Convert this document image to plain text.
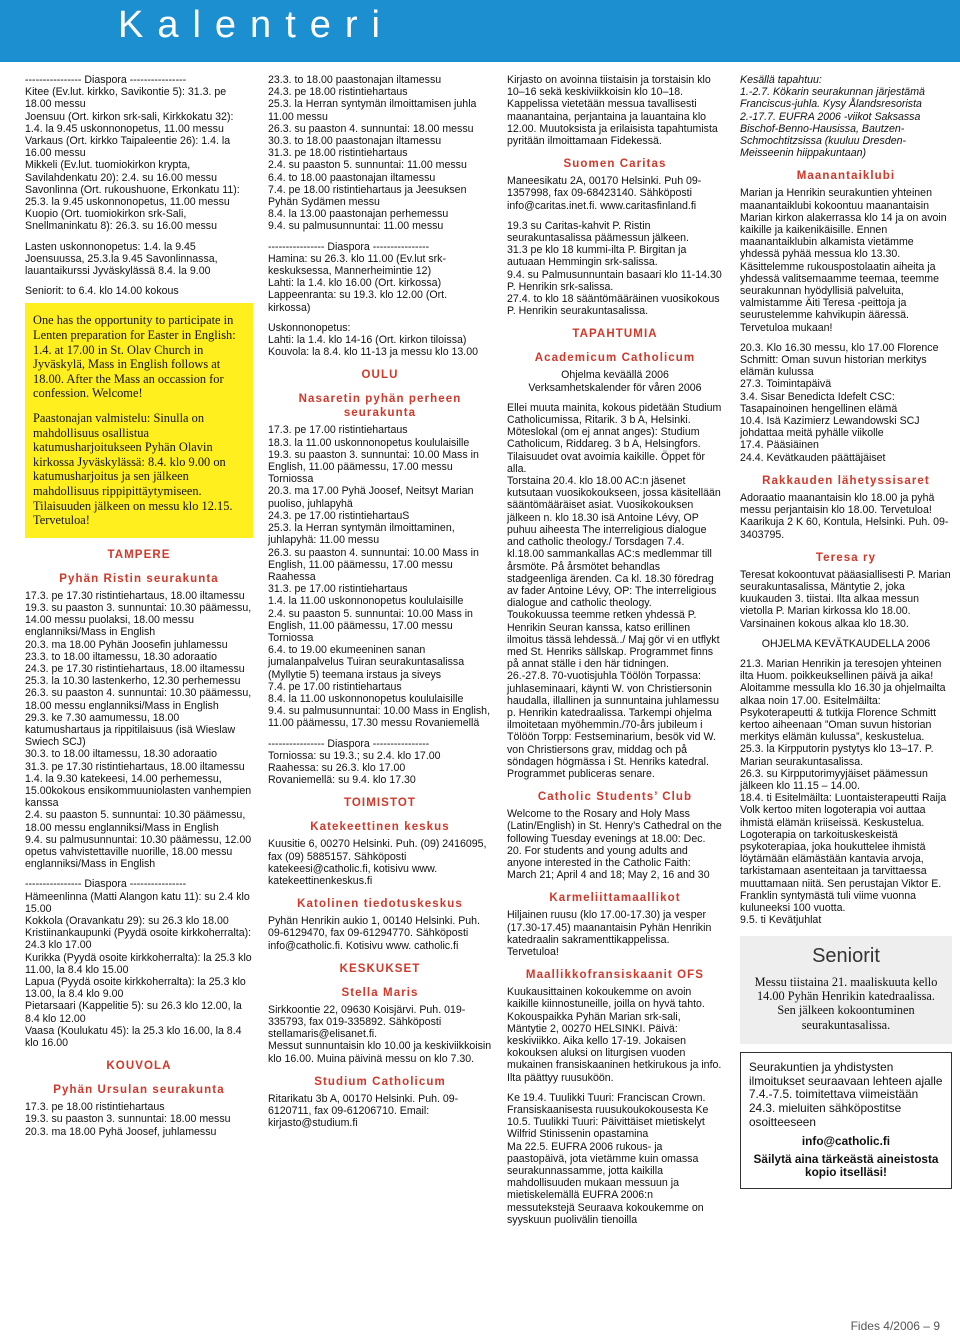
Kalenteri

---------------- Diaspora ----------------
Kitee (Ev.lut. kirkko, Savikontie 5): 31.3. pe 18.00 messu
Joensuu (Ort. kirkon srk-sali, Kirkkokatu 32): 1.4. la 9.45 uskonnonopetus, 11.00 messu
Varkaus (Ort. kirkko Taipaleentie 26): 1.4. la 16.00 messu
Mikkeli (Ev.lut. tuomiokirkon krypta, Savilahdenkatu 20): 2.4. su 16.00 messu
Savonlinna (Ort. rukoushuone, Erkonkatu 11): 25.3. la 9.45 uskonnonopetus, 11.00 messu
Kuopio (Ort. tuomiokirkon srk-Sali, Snellmaninkatu 8): 26.3. su 16.00 messu

Lasten uskonnonopetus: 1.4. la 9.45 Joensuussa, 25.3.la 9.45 Savonlinnassa, lauantaikurssi Jyväskylässä 8.4. la 9.00

Seniorit: to 6.4. klo 14.00 kokous

One has the opportunity to participate in Lenten preparation for Easter in English: 1.4. at 17.00 in St. Olav Church in Jyväskylä, Mass in English follows at 18.00. After the Mass an occassion for confession. Welcome!

Paastonajan valmistelu: Sinulla on mahdollisuus osallistua katumusharjoitukseen Pyhän Olavin kirkossa Jyväskylässä: 8.4. klo 9.00 on katumusharjoitus ja sen jälkeen mahdollisuus rippipittäytymiseen. Tilaisuuden jälkeen on messu klo 12.15. Tervetuloa!

TAMPERE
Pyhän Ristin seurakunta

17.3. pe 17.30 ristintiehartaus, 18.00 iltamessu
19.3. su paaston 3. sunnuntai: 10.30 päämessu, 14.00 messu puolaksi, 18.00 messu englanniksi/Mass in English
20.3. ma 18.00 Pyhän Joosefin juhlamessu
23.3. to 18.00 iltamessu, 18.30 adoraatio
24.3. pe 17.30 ristintiehartaus, 18.00 iltamessu
25.3. la 10.30 lastenkerho, 12.30 perhemessu
26.3. su paaston 4. sunnuntai: 10.30 päämessu, 18.00 messu englanniksi/Mass in English
29.3. ke 7.30 aamumessu, 18.00 katumushartaus ja rippitilaisuus (isä Wieslaw Swiech SCJ)
30.3. to 18.00 iltamessu, 18.30 adoraatio
31.3. pe 17.30 ristintiehartaus, 18.00 iltamessu
1.4. la 9.30 katekeesi, 14.00 perhemessu, 15.00kokous ensikommuuniolasten vanhempien kanssa
2.4. su paaston 5. sunnuntai: 10.30 päämessu, 18.00 messu englanniksi/Mass in English
9.4. su palmusunnuntai: 10.30 päämessu, 12.00 opetus vahvistettaville nuorille, 18.00 messu englanniksi/Mass in English

---------------- Diaspora ----------------
Hämeenlinna (Matti Alangon katu 11): su 2.4 klo 15.00
Kokkola (Oravankatu 29): su 26.3 klo 18.00
Kristiinankaupunki (Pyydä osoite kirkkoherralta): 24.3 klo 17.00
Kurikka (Pyydä osoite kirkkoherralta): la 25.3 klo 11.00, la 8.4 klo 15.00
Lapua (Pyydä osoite kirkkoherralta): la 25.3 klo 13.00, la 8.4 klo 9.00
Pietarsaari (Kappelitie 5): su 26.3 klo 12.00, la 8.4 klo 12.00
Vaasa (Koulukatu 45): la 25.3 klo 16.00, la 8.4 klo 16.00

KOUVOLA
Pyhän Ursulan seurakunta

17.3. pe 18.00 ristintiehartaus
19.3. su paaston 3. sunnuntai: 18.00 messu
20.3. ma 18.00 Pyhä Joosef, juhlamessu

23.3. to 18.00 paastonajan iltamessu
24.3. pe 18.00 ristintiehartaus
25.3. la Herran syntymän ilmoittamisen juhla 11.00 messu
26.3. su paaston 4. sunnuntai: 18.00 messu
30.3. to 18.00 paastonajan iltamessu
31.3. pe 18.00 ristintiehartaus
2.4. su paaston 5. sunnuntai: 11.00 messu
6.4. to 18.00 paastonajan iltamessu
7.4. pe 18.00 ristintiehartaus ja Jeesuksen Pyhän Sydämen messu
8.4. la 13.00 paastonajan perhemessu
9.4. su palmusunnuntai: 11.00 messu

---------------- Diaspora ----------------
Hamina: su 26.3. klo 11.00 (Ev.lut srk-keskuksessa, Mannerheimintie 12)
Lahti: la 1.4. klo 16.00 (Ort. kirkossa)
Lappeenranta: su 19.3. klo 12.00 (Ort. kirkossa)

Uskonnonopetus:
Lahti: la 1.4. klo 14-16 (Ort. kirkon tiloissa)
Kouvola: la 8.4. klo 11-13 ja messu klo 13.00

OULU
Nasaretin pyhän perheen seurakunta

17.3. pe 17.00 ristintiehartaus
18.3. la 11.00 uskonnonopetus koululaisille
19.3. su paaston 3. sunnuntai: 10.00 Mass in English, 11.00 päämessu, 17.00 messu Torniossa
20.3. ma 17.00 Pyhä Joosef, Neitsyt Marian puoliso, juhlapyhä
24.3. pe 17.00 ristintiehartauS
25.3. la Herran syntymän ilmoittaminen, juhlapyhä: 11.00 messu
26.3. su paaston 4. sunnuntai: 10.00 Mass in English, 11.00 päämessu, 17.00 messu Raahessa
31.3. pe 17.00 ristintiehartaus
1.4. la 11.00 uskonnonopetus koululaisille
2.4. su paaston 5. sunnuntai: 10.00 Mass in English, 11.00 päämessu, 17.00 messu Torniossa
6.4. to 19.00 ekumeeninen sanan jumalanpalvelus Tuiran seurakuntasalissa (Myllytie 5) teemana irstaus ja siveys
7.4. pe 17.00 ristintiehartaus
8.4. la 11.00 uskonnonopetus koululaisille
9.4. su palmusunnuntai: 10.00 Mass in English, 11.00 päämessu, 17.30 messu Rovaniemellä

---------------- Diaspora ----------------
Torniossa: su 19.3.; su 2.4. klo 17.00
Raahessa: su 26.3. klo 17.00
Rovaniemellä: su 9.4. klo 17.30

TOIMISTOT
Katekeettinen keskus

Kuusitie 6, 00270 Helsinki. Puh. (09) 2416095, fax (09) 5885157. Sähköposti katekeesi@catholic.fi, kotisivu www. katekeettinenkeskus.fi

Katolinen tiedotuskeskus

Pyhän Henrikin aukio 1, 00140 Helsinki. Puh. 09-6129470, fax 09-61294770. Sähköposti info@catholic.fi. Kotisivu www. catholic.fi

KESKUKSET
Stella Maris

Sirkkoontie 22, 09630 Koisjärvi. Puh. 019-335793, fax 019-335892. Sähköposti stellamaris@elisanet.fi.
Messut sunnuntaisin klo 10.00 ja keskiviikkoisin klo 16.00. Muina päivinä messu on klo 7.30.

Studium Catholicum

Ritarikatu 3b A, 00170 Helsinki. Puh. 09-6120711, fax 09-61206710. Email: kirjasto@studium.fi

Kirjasto on avoinna tiistaisin ja torstaisin klo 10–16 sekä keskiviikkoisin klo 10–18.
Kappelissa vietetään messua tavallisesti maanantaina, perjantaina ja lauantaina klo 12.00. Muutoksista ja erilaisista tapahtumista pyritään ilmoittamaan Fidekessä.

Suomen Caritas

Maneesikatu 2A, 00170 Helsinki. Puh 09-1357998, fax 09-68423140. Sähköposti info@caritas.inet.fi. www.caritasfinland.fi

19.3 su Caritas-kahvit P. Ristin seurakuntasalissa päämessun jälkeen.
31.3 pe klo 18 kummi-ilta P. Birgitan ja autuaan Hemmingin srk-salissa.
9.4. su Palmusunnuntain basaari klo 11-14.30 P. Henrikin srk-salissa.
27.4. to klo 18 sääntömääräinen vuosikokous P. Henrikin seurakuntasalissa.

TAPAHTUMIA
Academicum Catholicum

Ohjelma keväällä 2006
Verksamhetskalender för våren 2006

Ellei muuta mainita, kokous pidetään Studium Catholicumissa, Ritarik. 3 b A, Helsinki. Möteslokal (om ej annat anges): Studium Catholicum, Riddareg. 3 b A, Helsingfors.
Tilaisuudet ovat avoimia kaikille. Öppet för alla.

Torstaina 20.4. klo 18.00 AC:n jäsenet kutsutaan vuosikokoukseen, jossa käsitellään sääntömääräiset asiat. Vuosikokouksen jälkeen n. klo 18.30 isä Antoine Lévy, OP puhuu aiheesta The interreligious dialogue and catholic theology./ Torsdagen 7.4. kl.18.00 sammankallas AC:s medlemmar till årsmöte. På årsmötet behandlas stadgeenliga ärenden. Ca kl. 18.30 föredrag av fader Antoine Lévy, OP: The interreligious dialogue and catholic theology.
Toukokuussa teemme retken yhdessä P. Henrikin Seuran kanssa, katso erillinen ilmoitus tässä lehdessä../ Maj gör vi en utflykt med St. Henriks sällskap. Programmet finns på annat ställe i den här tidningen.
26.-27.8. 70-vuotisjuhla Töölön Torpassa: juhlaseminaari, käynti W. von Christiersonin haudalla, illallinen ja sunnuntaina juhlamessu p. Henrikin katedraalissa. Tarkempi ohjelma ilmoitetaan myöhemmin./70-års jubileum i Tölöön Torpp: Festseminarium, besök vid W. von Christiersons grav, middag och på söndagen högmässa i St. Henriks katedral. Programmet publiceras senare.

Catholic Students’ Club

Welcome to the Rosary and Holy Mass (Latin/English) in St. Henry’s Cathedral on the following Tuesday evenings at 18.00: Dec. 20. For students and young adults and anyone interested in the Catholic Faith: March 21; April 4 and 18; May 2, 16 and 30

Karmeliittamaallikot

Hiljainen ruusu (klo 17.00-17.30) ja vesper (17.30-17.45) maanantaisin Pyhän Henrikin katedraalin sakramenttikappelissa. Tervetuloa!

Maallikkofransiskaanit OFS

Kuukausittainen kokoukemme on avoin kaikille kiinnostuneille, joilla on hyvä tahto. Kokouspaikka Pyhän Marian srk-sali, Mäntytie 2, 00270 HELSINKI. Päivä: keskiviikko. Aika kello 17-19. Jokaisen kokouksen aluksi on liturgisen vuoden mukainen fransiskaaninen hetkirukous ja info. Ilta päättyy ruusuköön.

Ke 19.4. Tuulikki Tuuri: Franciscan Crown.
Fransiskaanisesta ruusukoukokousesta Ke 10.5. Tuulikki Tuuri: Päivittäiset mietiskelyt Wilfrid Stinissenin opastamina
Ma 22.5. EUFRA 2006 rukous- ja paastopäivä, jota vietämme kuin omassa seurakunnassamme, jotta kaikilla mahdollisuuden mukaan messuun ja mietiskelemällä EUFRA 2006:n messutekstejä Seuraava kokoukemme on syyskuun puolivälin tienoilla

Kesällä tapahtuu:
1.-2.7. Kökarin seurakunnan järjestämä Franciscus-juhla. Kysy Ålandsresorista
2.-17.7. EUFRA 2006 -viikot Saksassa Bischof-Benno-Hausissa, Bautzen-Schmochtitzsissa (kuuluu Dresden-Meisseenin hiippakuntaan)

Maanantaiklubi

Marian ja Henrikin seurakuntien yhteinen maanantaiklubi kokoontuu maanantaisin Marian kirkon alakerrassa klo 14 ja on avoin kaikille ja kaikenikäisille. Ennen maanantaiklubin alkamista vietämme yhdessä pyhää messua klo 13.30.
Käsittelemme rukouspostolaatin aiheita ja yhdessä valitsemaamme teemaa, teemme seurakunnan hyödyllisiä palveluita, valmistamme Äiti Teresa -peittoja ja seurustelemme kahvikupin ääressä. Tervetuloa mukaan!

20.3. Klo 16.30 messu, klo 17.00 Florence Schmitt: Oman suvun historian merkitys elämän kulussa
27.3. Toimintapäivä
3.4. Sisar Benedicta Idefelt CSC: Tasapainoinen hengellinen elämä
10.4. Isä Kazimierz Lewandowski SCJ johdattaa meitä pyhälle viikolle
17.4. Pääsiäinen
24.4. Kevätkauden päättäjäiset

Rakkauden lähetyssisaret

Adoraatio maanantaisin klo 18.00 ja pyhä messu perjantaisin klo 18.00. Tervetuloa! Kaarikuja 2 K 60, Kontula, Helsinki. Puh. 09-3403795.

Teresa ry

Teresat kokoontuvat pääasiallisesti P. Marian seurakuntasalissa, Mäntytie 2, joka kuukauden 3. tiistai. Ilta alkaa messun vietolla P. Marian kirkossa klo 18.00. Varsinainen kokous alkaa klo 18.30.

OHJELMA KEVÄTKAUDELLA 2006

21.3. Marian Henrikin ja teresojen yhteinen ilta Huom. poikkeuksellinen päivä ja aika! Aloitamme messulla klo 16.30 ja ohjelmailta alkaa noin 17.00. Esitelmäilta: Psykoterapeutti & tutkija Florence Schmitt kertoo aiheenaan ”Oman suvun historian merkitys elämän kulussa”, keskustelua.
25.3. la Kirpputorin pystytys klo 13–17. P. Marian seurakuntasalissa.
26.3. su Kirpputorimyyjäiset päämessun jälkeen klo 11.15 – 14.00.
18.4. ti Esitelmäilta: Luontaisterapeutti Raija Volk kertoo miten logoterapia voi auttaa ihmistä elämän kriiseissä. Keskustelua. Logoterapia on tarkoituskeskeistä psykoterapiaa, joka houkuttelee ihmistä löytämään elämästään kantavia arvoja, tarkistamaan asenteitaan ja tarvittaessa muuttamaan niitä. Sen perustajan Viktor E. Franklin syntymästä tuli viime vuonna kuluneeksi 100 vuotta.
9.5. ti Kevätjuhlat

Seniorit

Messu tiistaina 21. maaliskuuta kello 14.00 Pyhän Henrikin katedraalissa. Sen jälkeen kokoontuminen seurakuntasalissa.

Seurakuntien ja yhdistysten ilmoitukset seuraavaan lehteen ajalle 7.4.-7.5. toimitettava viimeistään 24.3. mieluiten sähköpostitse osoitteeseen

info@catholic.fi

Säilytä aina tärkeästä aineistosta kopio itselläsi!

Fides 4/2006 – 9
